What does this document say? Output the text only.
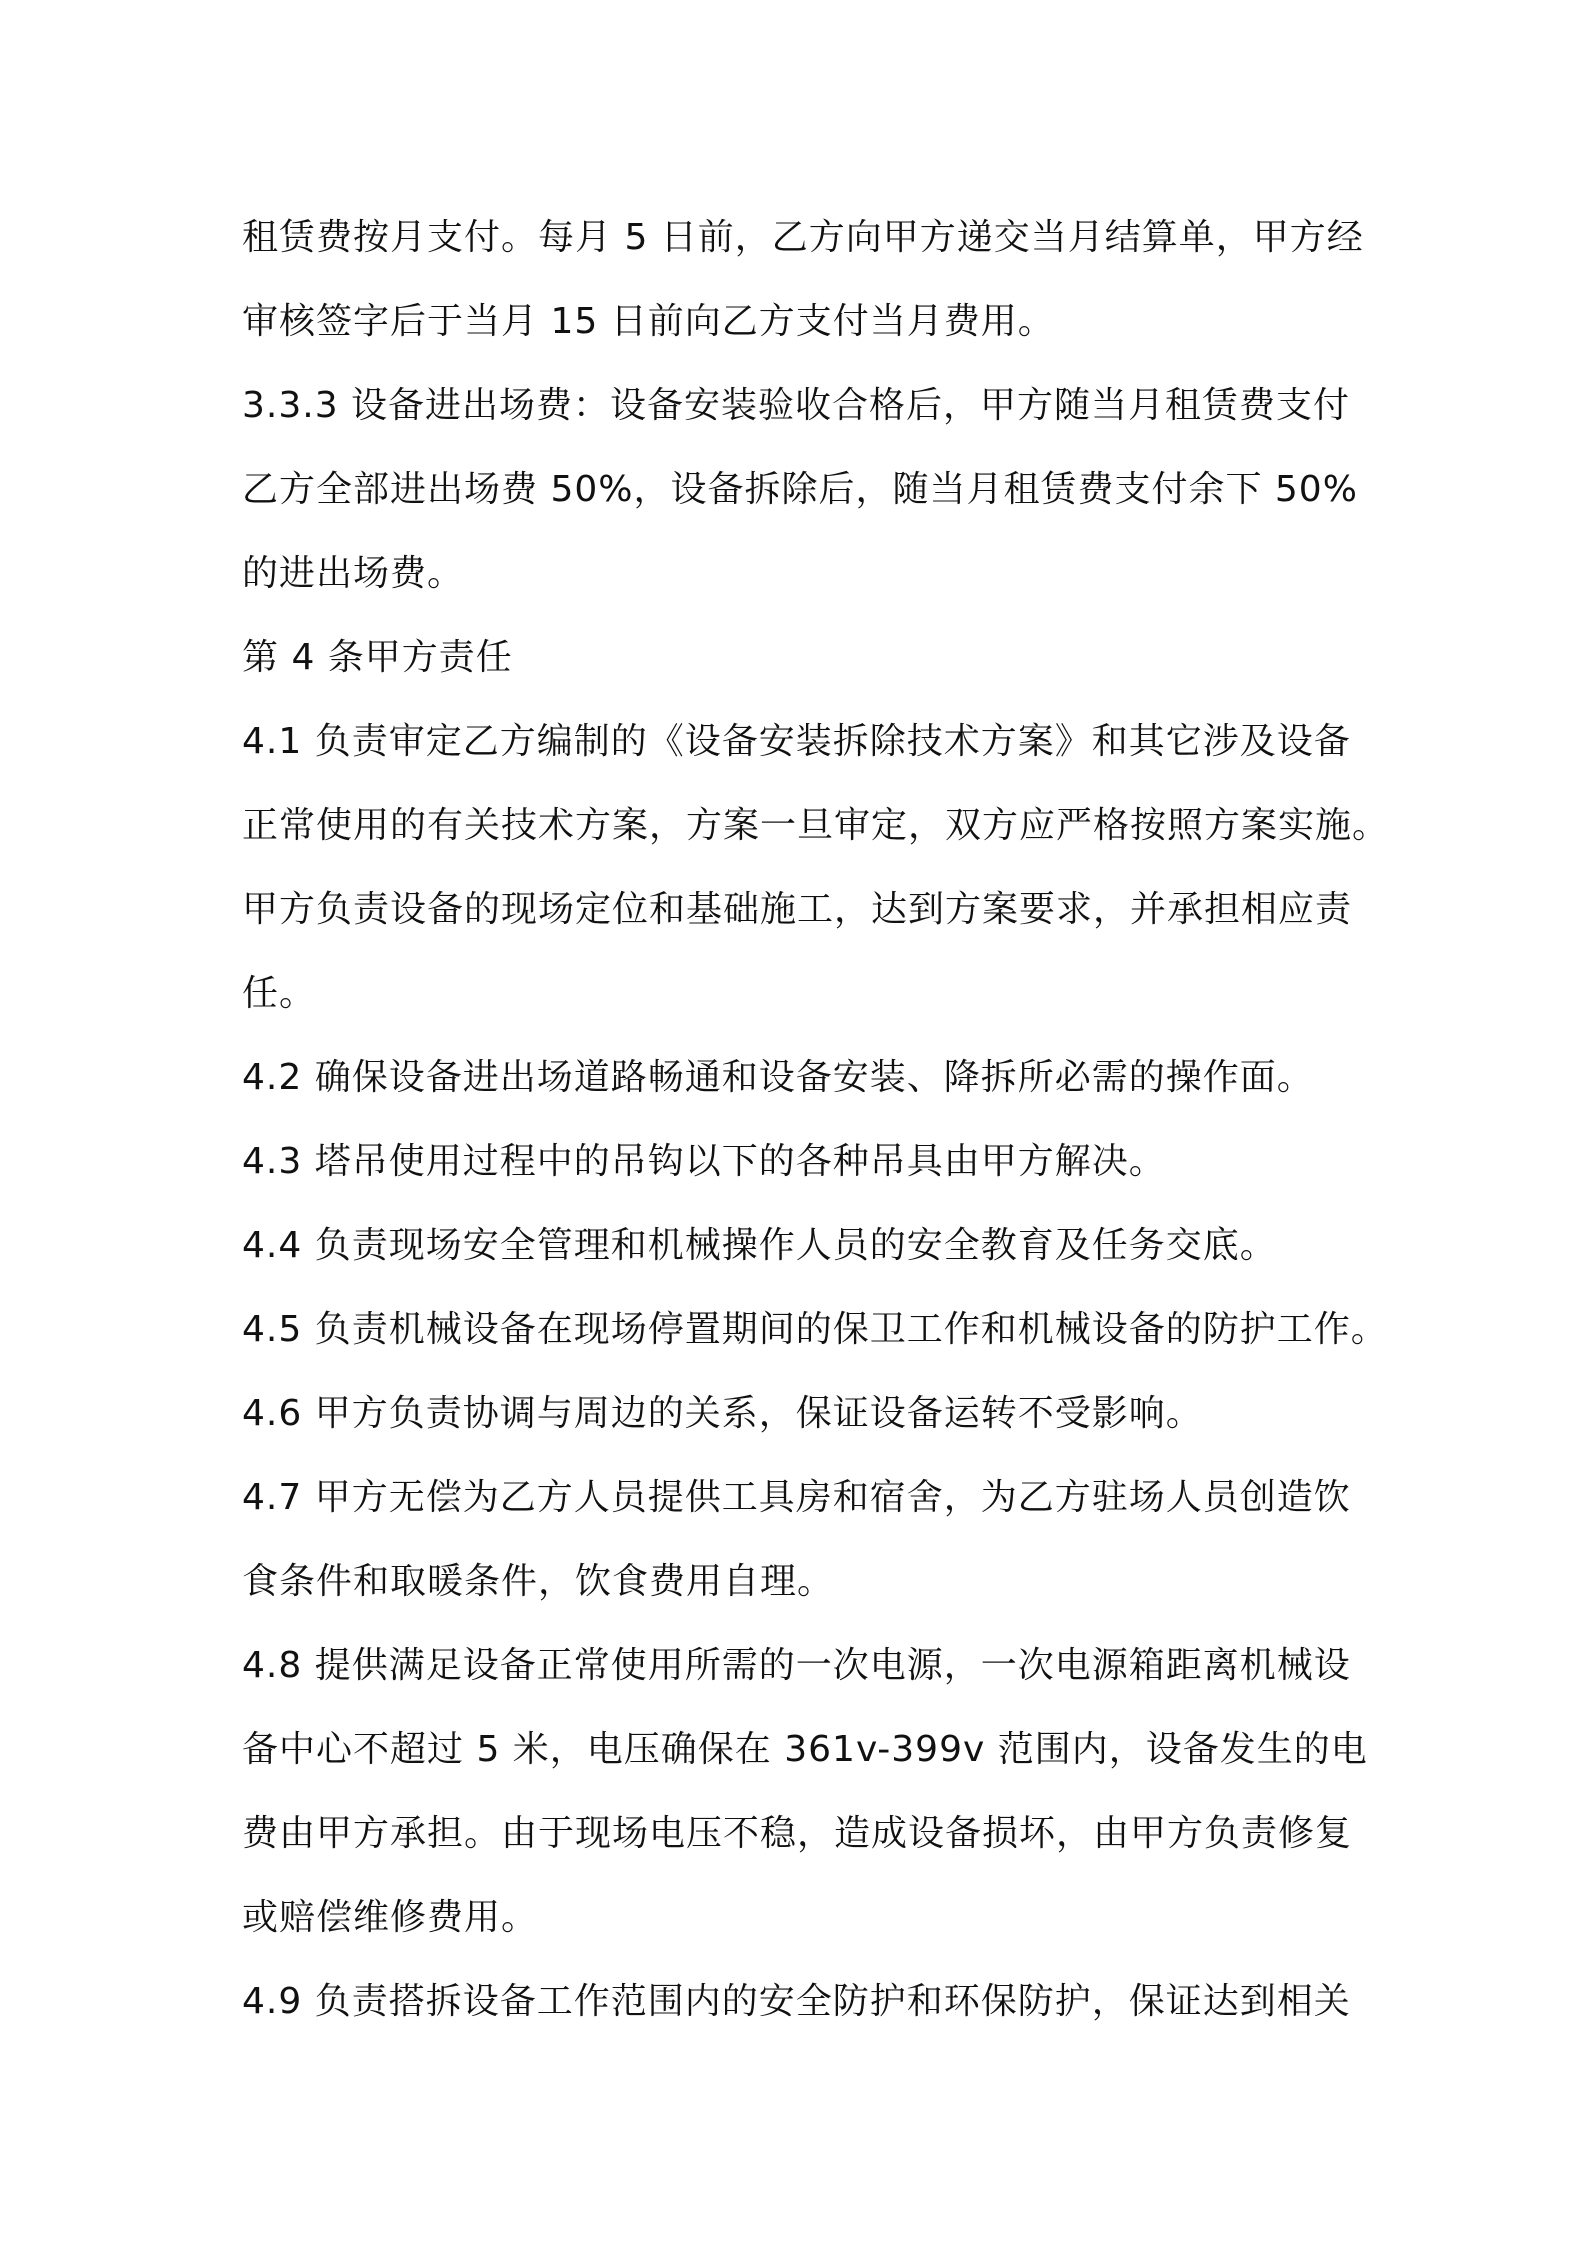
租赁费按月支付。每月 5 日前，乙方向甲方递交当月结算单，甲方经
审核签字后于当月 15 日前向乙方支付当月费用。
3.3.3 设备进出场费：设备安装验收合格后，甲方随当月租赁费支付
乙方全部进出场费 50%，设备拆除后，随当月租赁费支付余下 50%
的进出场费。
第 4 条甲方责任
4.1 负责审定乙方编制的《设备安装拆除技术方案》和其它涉及设备
正常使用的有关技术方案，方案一旦审定，双方应严格按照方案实施。
甲方负责设备的现场定位和基础施工，达到方案要求，并承担相应责
任。
4.2 确保设备进出场道路畅通和设备安装、降拆所必需的操作面。
4.3 塔吊使用过程中的吊钩以下的各种吊具由甲方解决。
4.4 负责现场安全管理和机械操作人员的安全教育及任务交底。
4.5 负责机械设备在现场停置期间的保卫工作和机械设备的防护工作。
4.6 甲方负责协调与周边的关系，保证设备运转不受影响。
4.7 甲方无偿为乙方人员提供工具房和宿舍，为乙方驻场人员创造饮
食条件和取暖条件，饮食费用自理。
4.8 提供满足设备正常使用所需的一次电源，一次电源箱距离机械设
备中心不超过 5 米，电压确保在 361v-399v 范围内，设备发生的电
费由甲方承担。由于现场电压不稳，造成设备损坏，由甲方负责修复
或赔偿维修费用。
4.9 负责搭拆设备工作范围内的安全防护和环保防护，保证达到相关
